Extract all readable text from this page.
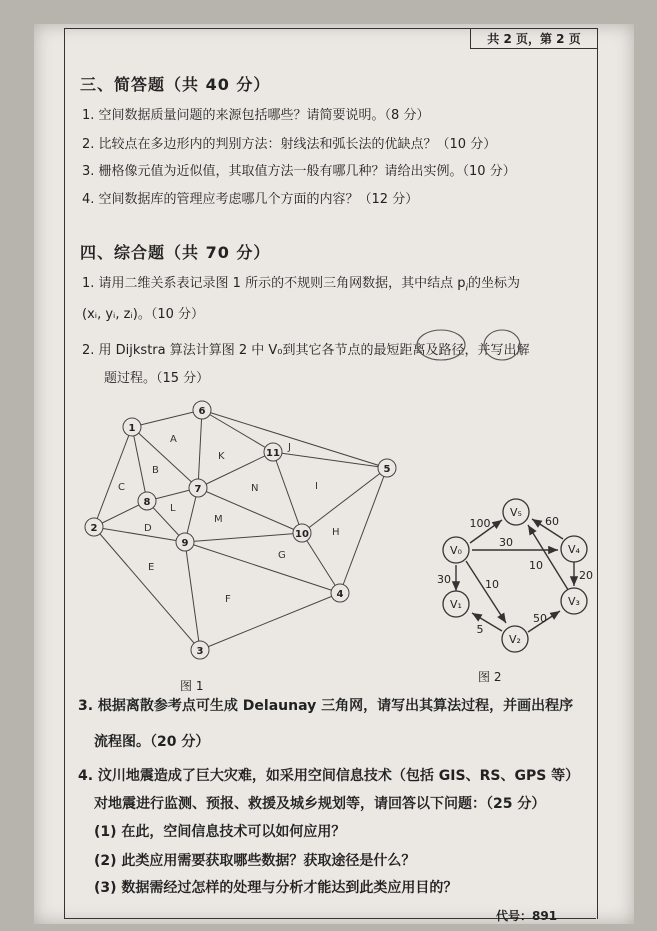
共 2 页，第 2 页
三、简答题（共 40 分）
1. 空间数据质量问题的来源包括哪些？请简要说明。（8 分）
2. 比较点在多边形内的判别方法：射线法和弧长法的优缺点？（10 分）
3. 栅格像元值为近似值，其取值方法一般有哪几种？请给出实例。（10 分）
4. 空间数据库的管理应考虑哪几个方面的内容？（12 分）
四、综合题（共 70 分）
1. 请用二维关系表记录图 1 所示的不规则三角网数据，其中结点 $p_i$的坐标为
(xᵢ, yᵢ, zᵢ)。（10 分）
2. 用 Dijkstra 算法计算图 2 中 V₀到其它各节点的最短距离及路径，并写出解
题过程。（15 分）
A
B
C
D
E
F
G
H
I
J
K
L
M
N
1
2
3
4
5
6
7
8
9
10
11
图 1
100
30
30	10
60
10
20
50
5
V₀
V₁
V₂
V₃
V₄
V₅
图 2
3. 根据离散参考点可生成 Delaunay 三角网，请写出其算法过程，并画出程序
流程图。（20 分）
4. 汶川地震造成了巨大灾难，如采用空间信息技术（包括 GIS、RS、GPS 等）
对地震进行监测、预报、救援及城乡规划等，请回答以下问题：（25 分）
(1) 在此，空间信息技术可以如何应用？
(2) 此类应用需要获取哪些数据？获取途径是什么？
(3) 数据需经过怎样的处理与分析才能达到此类应用目的？
代号：891
